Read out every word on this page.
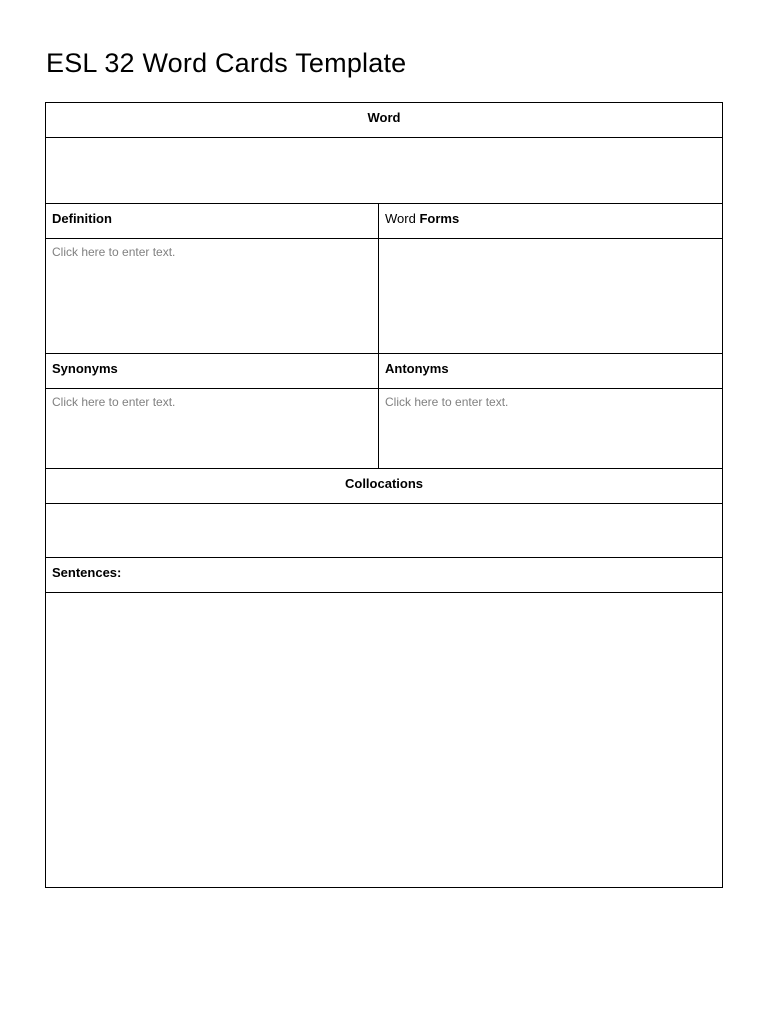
ESL 32 Word Cards Template
Word
Definition	Word Forms
Click here to enter text.
Synonyms	Antonyms
Click here to enter text.	Click here to enter text.
Collocations
Sentences:
